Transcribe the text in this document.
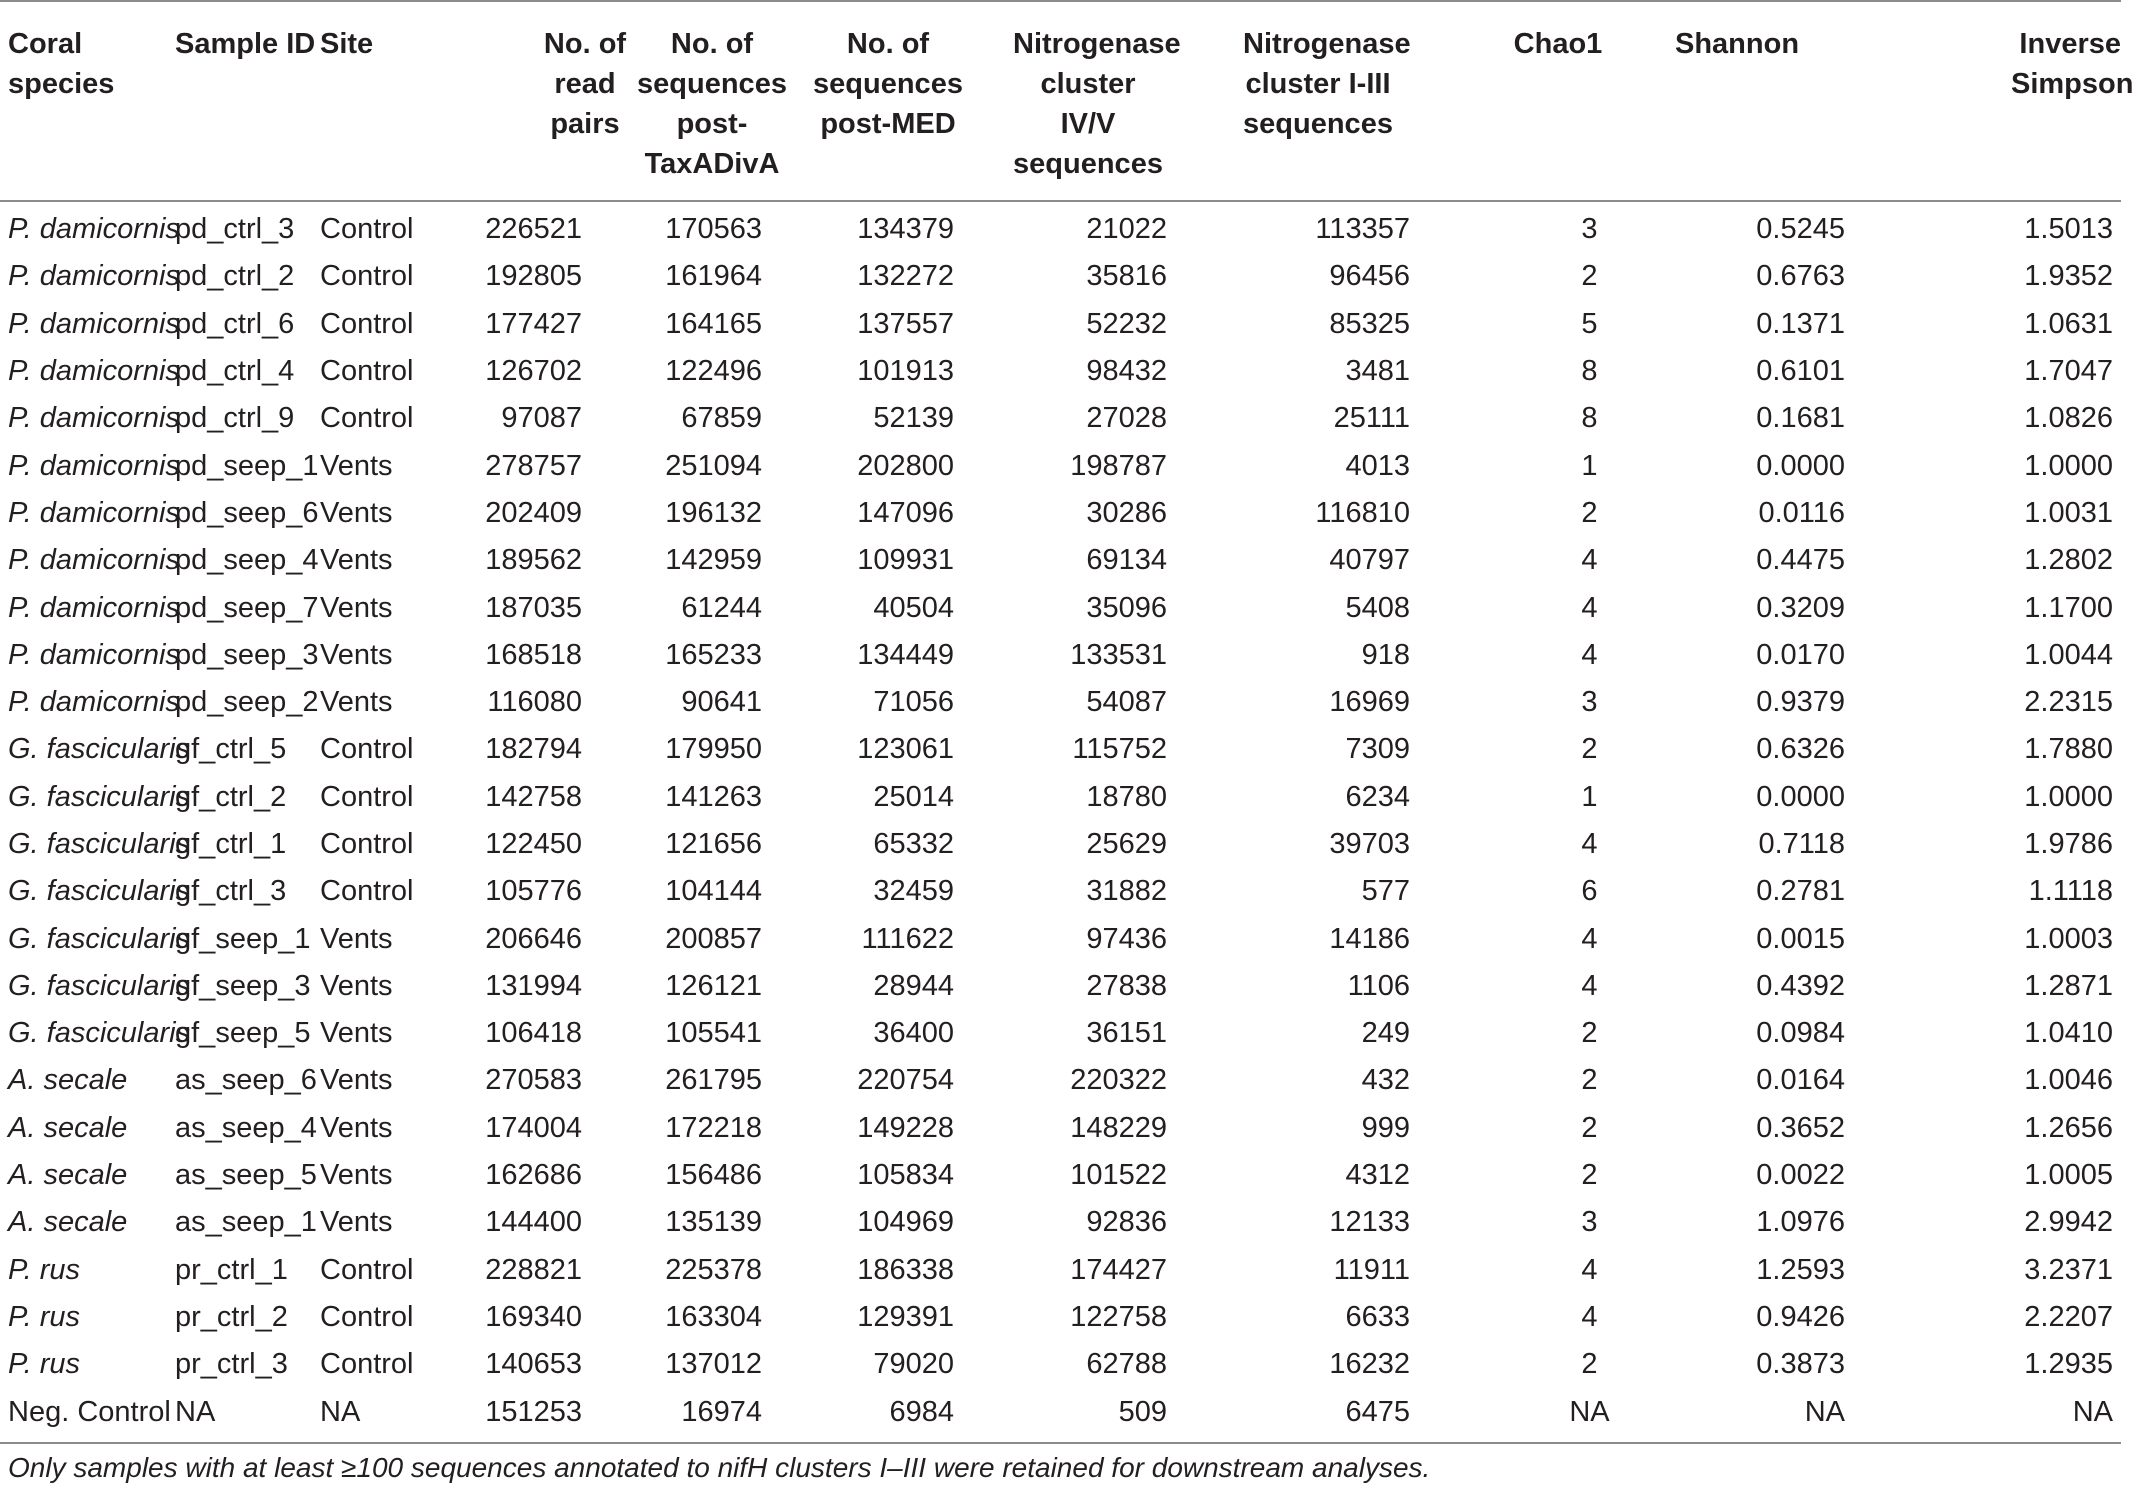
Coral species	Sample ID	Site	No. of read pairs	No. of sequences post-TaxADivA	No. of sequences post-MED	Nitrogenase cluster IV/V sequences	Nitrogenase cluster I-III sequences	Chao1	Shannon	Inverse Simpson

P. damicornis	pd_ctrl_3	Control	226521	170563	134379	21022	113357	3	0.5245	1.5013
P. damicornis	pd_ctrl_2	Control	192805	161964	132272	35816	96456	2	0.6763	1.9352
P. damicornis	pd_ctrl_6	Control	177427	164165	137557	52232	85325	5	0.1371	1.0631
P. damicornis	pd_ctrl_4	Control	126702	122496	101913	98432	3481	8	0.6101	1.7047
P. damicornis	pd_ctrl_9	Control	97087	67859	52139	27028	25111	8	0.1681	1.0826
P. damicornis	pd_seep_1	Vents	278757	251094	202800	198787	4013	1	0.0000	1.0000
P. damicornis	pd_seep_6	Vents	202409	196132	147096	30286	116810	2	0.0116	1.0031
P. damicornis	pd_seep_4	Vents	189562	142959	109931	69134	40797	4	0.4475	1.2802
P. damicornis	pd_seep_7	Vents	187035	61244	40504	35096	5408	4	0.3209	1.1700
P. damicornis	pd_seep_3	Vents	168518	165233	134449	133531	918	4	0.0170	1.0044
P. damicornis	pd_seep_2	Vents	116080	90641	71056	54087	16969	3	0.9379	2.2315
G. fascicularis	gf_ctrl_5	Control	182794	179950	123061	115752	7309	2	0.6326	1.7880
G. fascicularis	gf_ctrl_2	Control	142758	141263	25014	18780	6234	1	0.0000	1.0000
G. fascicularis	gf_ctrl_1	Control	122450	121656	65332	25629	39703	4	0.7118	1.9786
G. fascicularis	gf_ctrl_3	Control	105776	104144	32459	31882	577	6	0.2781	1.1118
G. fascicularis	gf_seep_1	Vents	206646	200857	111622	97436	14186	4	0.0015	1.0003
G. fascicularis	gf_seep_3	Vents	131994	126121	28944	27838	1106	4	0.4392	1.2871
G. fascicularis	gf_seep_5	Vents	106418	105541	36400	36151	249	2	0.0984	1.0410
A. secale	as_seep_6	Vents	270583	261795	220754	220322	432	2	0.0164	1.0046
A. secale	as_seep_4	Vents	174004	172218	149228	148229	999	2	0.3652	1.2656
A. secale	as_seep_5	Vents	162686	156486	105834	101522	4312	2	0.0022	1.0005
A. secale	as_seep_1	Vents	144400	135139	104969	92836	12133	3	1.0976	2.9942
P. rus	pr_ctrl_1	Control	228821	225378	186338	174427	11911	4	1.2593	3.2371
P. rus	pr_ctrl_2	Control	169340	163304	129391	122758	6633	4	0.9426	2.2207
P. rus	pr_ctrl_3	Control	140653	137012	79020	62788	16232	2	0.3873	1.2935
Neg. Control	NA	NA	151253	16974	6984	509	6475	NA	NA	NA
Only samples with at least ≥100 sequences annotated to nifH clusters I–III were retained for downstream analyses.
